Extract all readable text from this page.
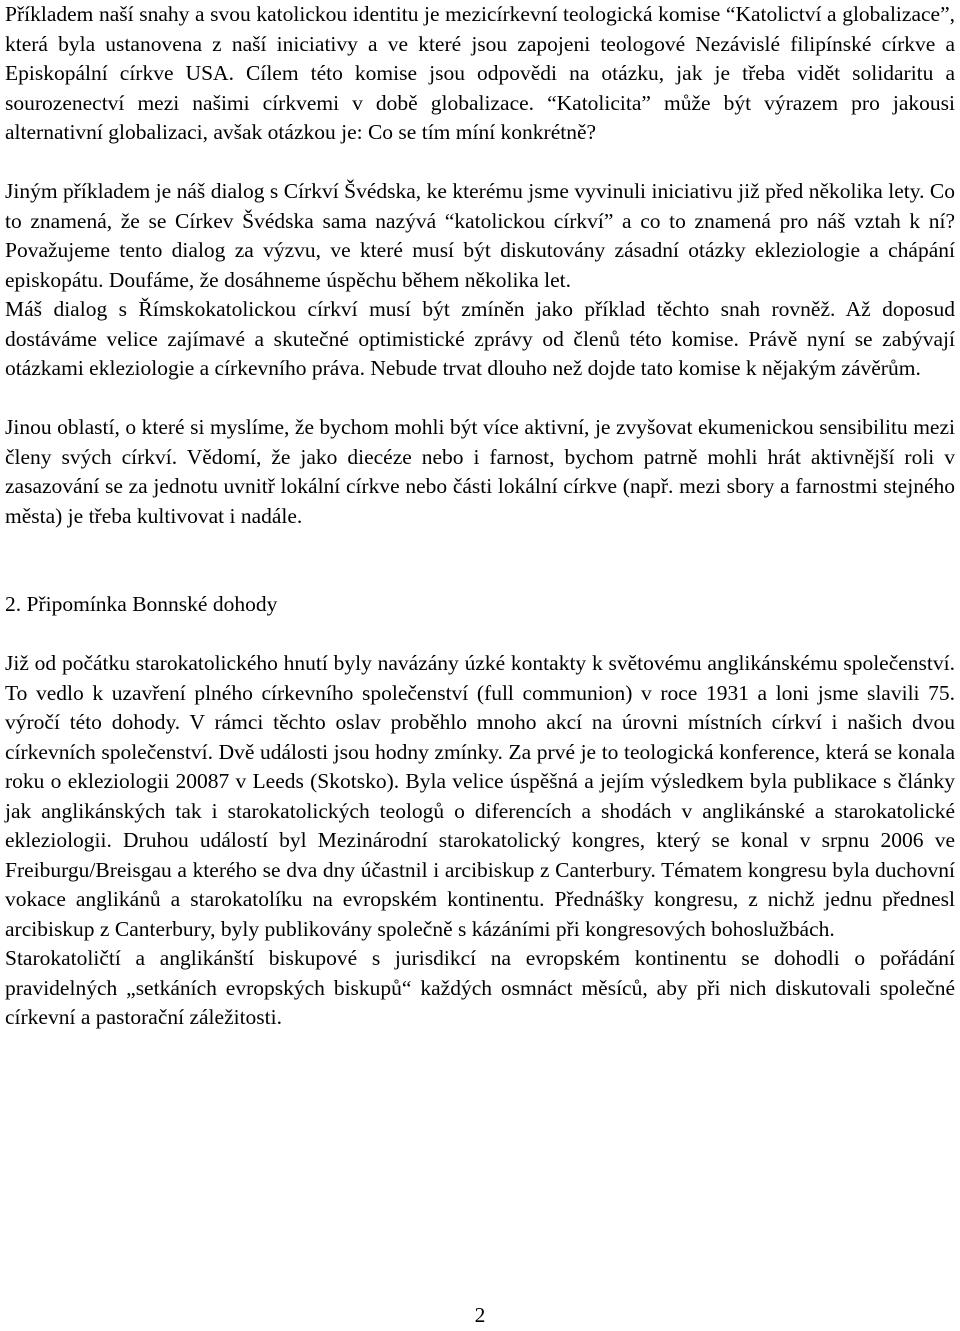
Příkladem naší snahy a svou katolickou identitu je mezicírkevní teologická komise “Katolictví a globalizace”, která byla ustanovena z naší iniciativy a ve které jsou zapojeni teologové Nezávislé filipínské církve a Episkopální církve USA. Cílem této komise jsou odpovědi na otázku, jak je třeba vidět solidaritu a sourozenectví mezi našimi církvemi v době globalizace. “Katolicita” může být výrazem pro jakousi alternativní globalizaci, avšak otázkou je: Co se tím míní konkrétně?

Jiným příkladem je náš dialog s Církví Švédska, ke kterému jsme vyvinuli iniciativu již před několika lety. Co to znamená, že se Církev Švédska sama nazývá “katolickou církví” a co to znamená pro náš vztah k ní? Považujeme tento dialog za výzvu, ve které musí být diskutovány zásadní otázky ekleziologie a chápání episkopátu. Doufáme, že dosáhneme úspěchu během několika let.

Máš dialog s Římskokatolickou církví musí být zmíněn jako příklad těchto snah rovněž. Až doposud dostáváme velice zajímavé a skutečné optimistické zprávy od členů této komise. Právě nyní se zabývají otázkami ekleziologie a církevního práva. Nebude trvat dlouho než dojde tato komise k nějakým závěrům.

Jinou oblastí, o které si myslíme, že bychom mohli být více aktivní, je zvyšovat ekumenickou sensibilitu mezi členy svých církví. Vědomí, že jako diecéze nebo i farnost, bychom patrně mohli hrát aktivnější roli v zasazování se za jednotu uvnitř lokální církve nebo části lokální církve (např. mezi sbory a farnostmi stejného města) je třeba kultivovat i nadále.

2. Připomínka Bonnské dohody

Již od počátku starokatolického hnutí byly navázány úzké kontakty k světovému anglikánskému společenství. To vedlo k uzavření plného církevního společenství (full communion) v roce 1931 a loni jsme slavili 75. výročí této dohody. V rámci těchto oslav proběhlo mnoho akcí na úrovni místních církví i našich dvou církevních společenství. Dvě události jsou hodny zmínky. Za prvé je to teologická konference, která se konala roku o ekleziologii 20087 v Leeds (Skotsko). Byla velice úspěšná a jejím výsledkem byla publikace s články jak anglikánských tak i starokatolických teologů o diferencích a shodách v anglikánské a starokatolické ekleziologii. Druhou událostí byl Mezinárodní starokatolický kongres, který se konal v srpnu 2006 ve Freiburgu/Breisgau a kterého se dva dny účastnil i arcibiskup z Canterbury. Tématem kongresu byla duchovní vokace anglikánů a starokatolíku na evropském kontinentu. Přednášky kongresu, z nichž jednu přednesl arcibiskup z Canterbury, byly publikovány společně s kázáními při kongresových bohoslužbách.

Starokatoličtí a anglikánští biskupové s jurisdikcí na evropském kontinentu se dohodli o pořádání pravidelných „setkáních evropských biskupů“ každých osmnáct měsíců, aby při nich diskutovali společné církevní a pastorační záležitosti.

2
